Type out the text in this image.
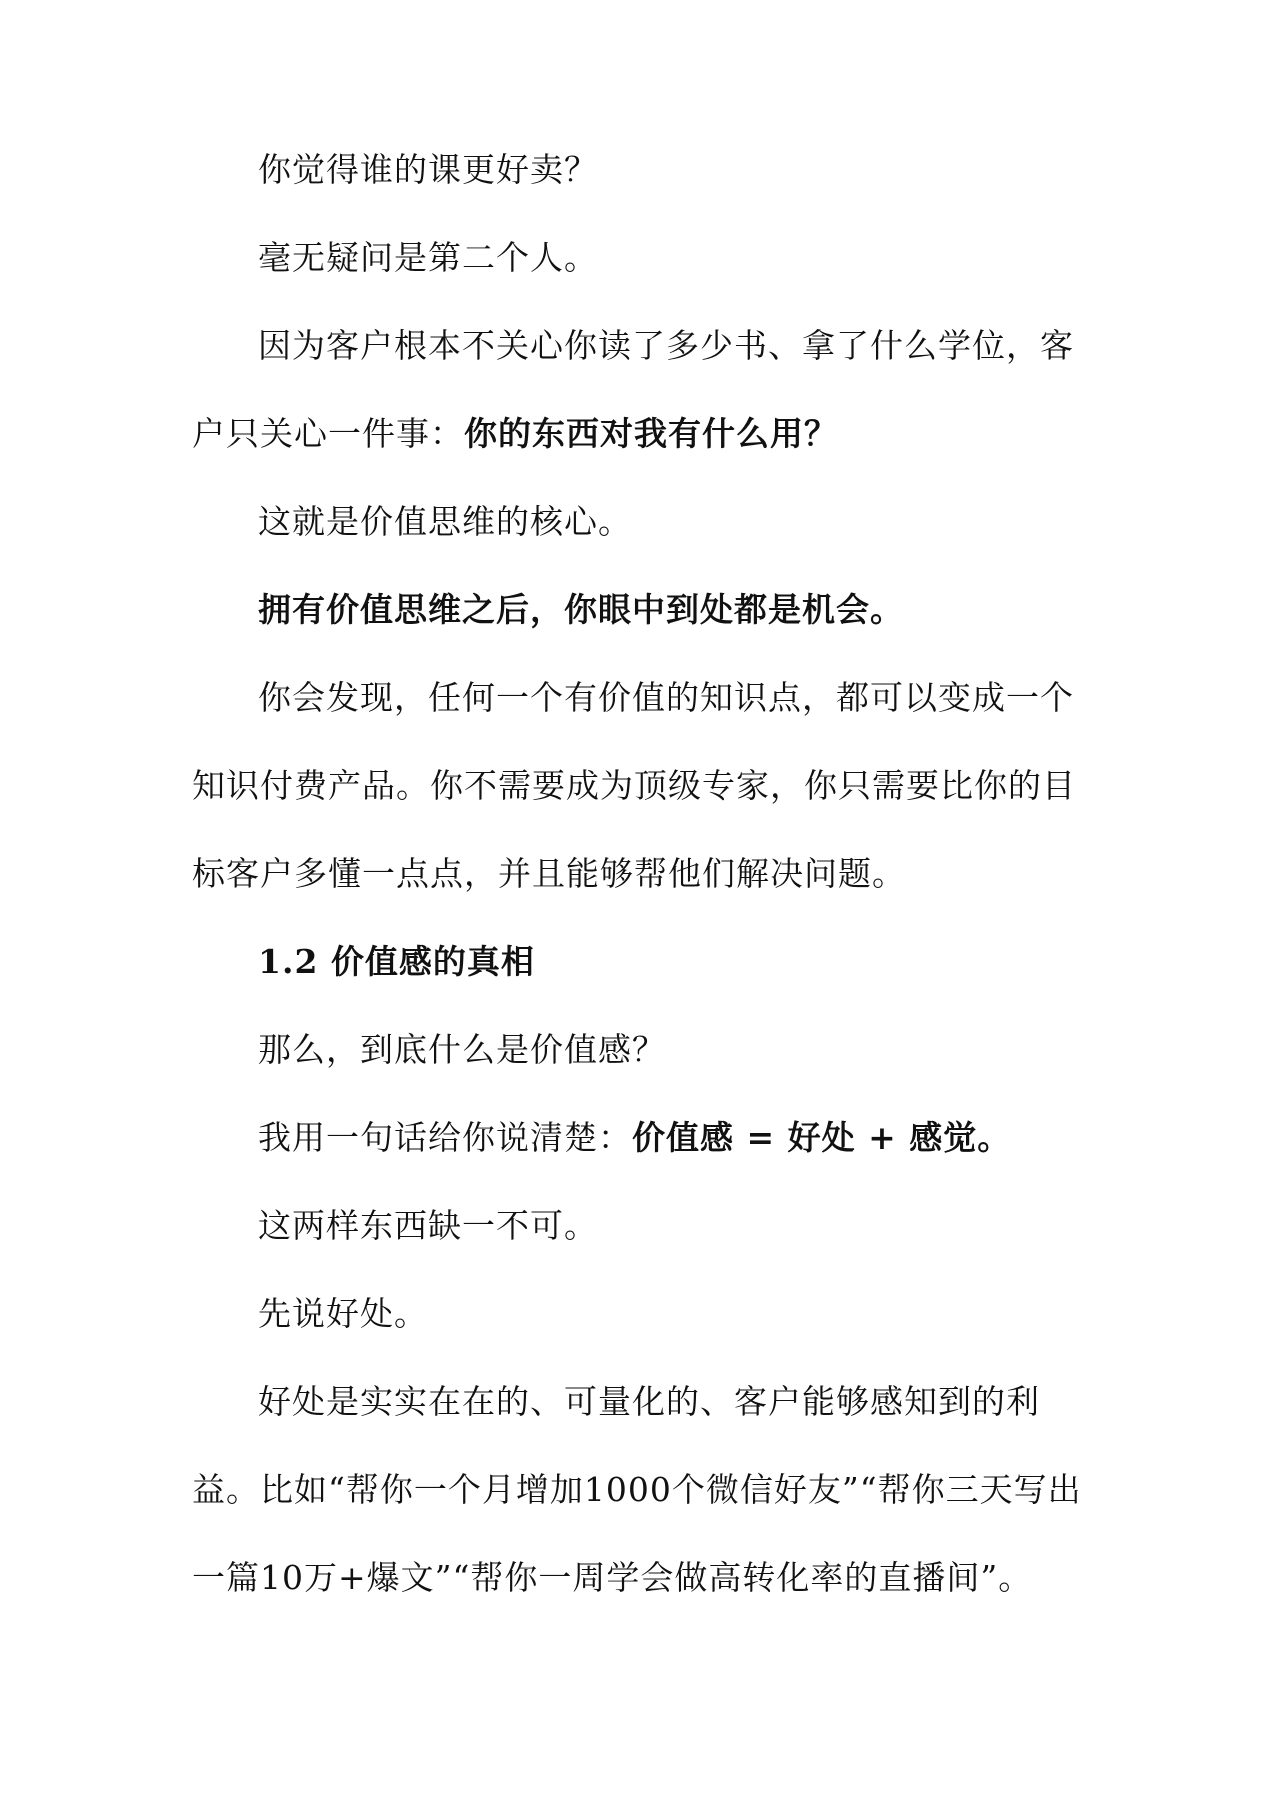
你觉得谁的课更好卖？

毫无疑问是第二个人。

因为客户根本不关心你读了多少书、拿了什么学位，客户只关心一件事：你的东西对我有什么用？

这就是价值思维的核心。

拥有价值思维之后，你眼中到处都是机会。

你会发现，任何一个有价值的知识点，都可以变成一个知识付费产品。你不需要成为顶级专家，你只需要比你的目标客户多懂一点点，并且能够帮他们解决问题。

1.2 价值感的真相

那么，到底什么是价值感？

我用一句话给你说清楚：价值感 = 好处 + 感觉。

这两样东西缺一不可。

先说好处。

好处是实实在在的、可量化的、客户能够感知到的利益。比如“帮你一个月增加1000个微信好友”“帮你三天写出一篇10万+爆文”“帮你一周学会做高转化率的直播间”。
